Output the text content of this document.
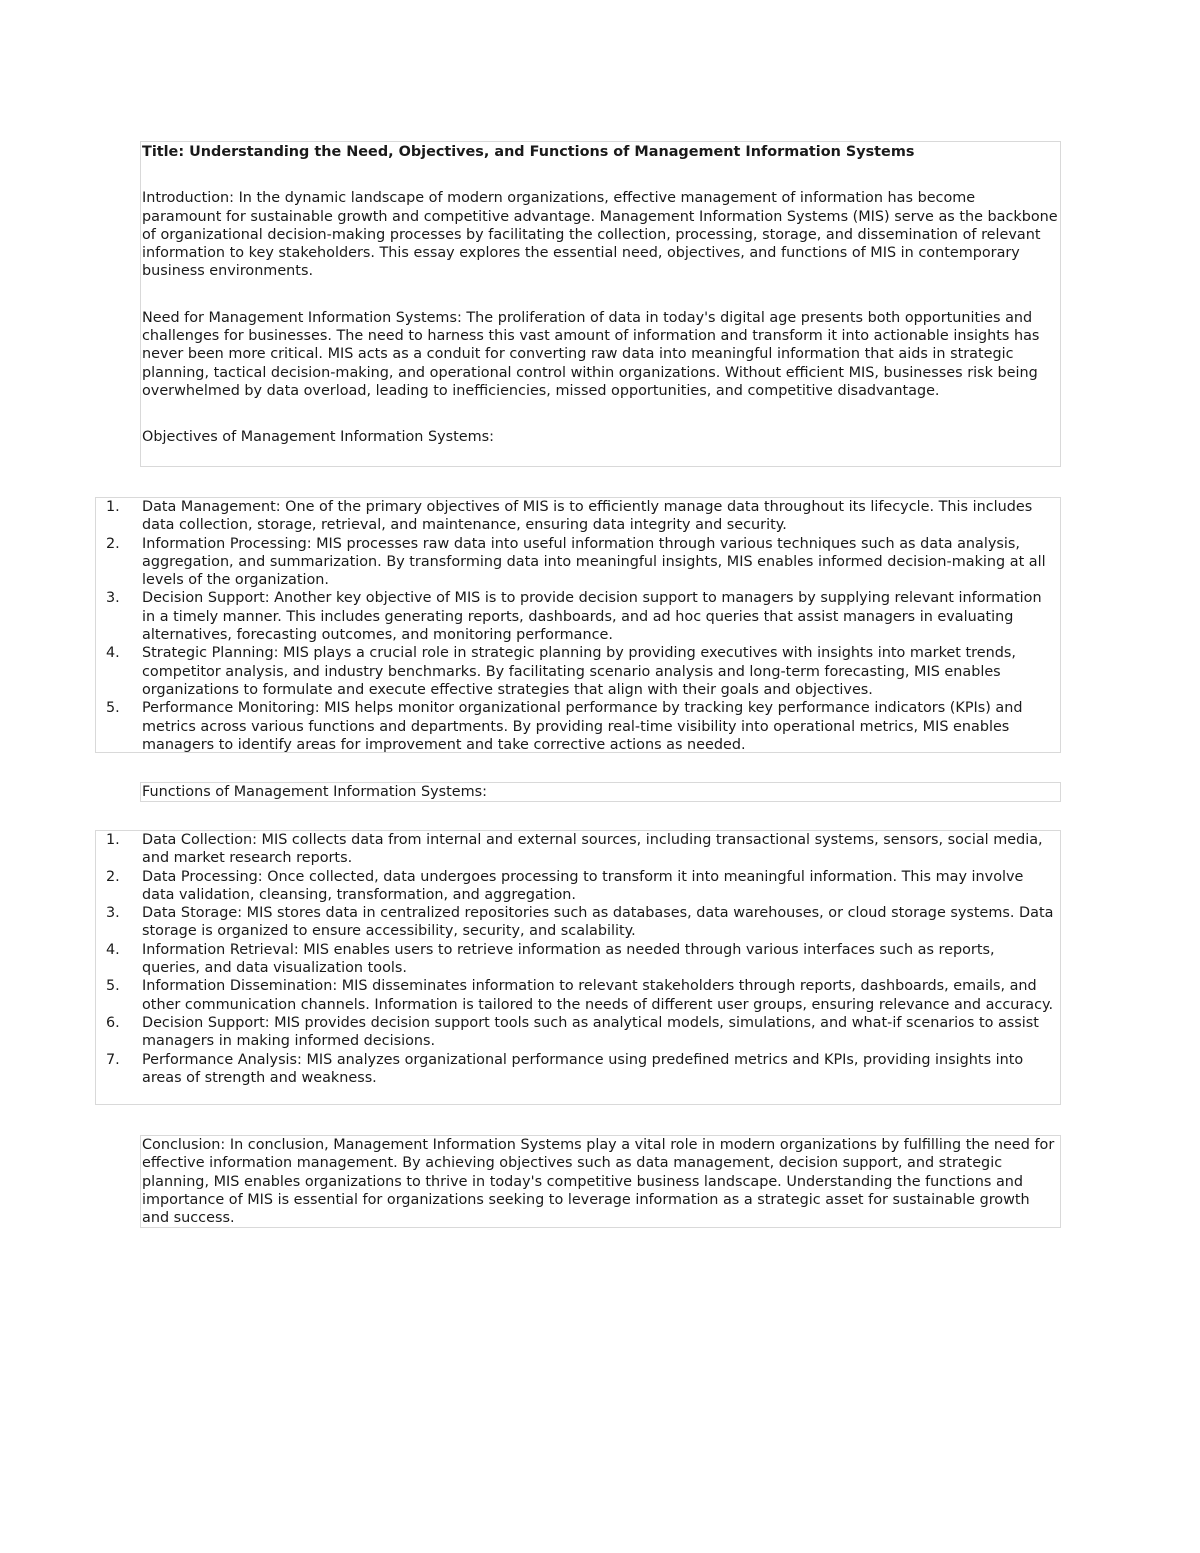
Title: Understanding the Need, Objectives, and Functions of Management Information Systems

Introduction: In the dynamic landscape of modern organizations, effective management of information has become paramount for sustainable growth and competitive advantage. Management Information Systems (MIS) serve as the backbone of organizational decision-making processes by facilitating the collection, processing, storage, and dissemination of relevant information to key stakeholders. This essay explores the essential need, objectives, and functions of MIS in contemporary business environments.

Need for Management Information Systems: The proliferation of data in today's digital age presents both opportunities and challenges for businesses. The need to harness this vast amount of information and transform it into actionable insights has never been more critical. MIS acts as a conduit for converting raw data into meaningful information that aids in strategic planning, tactical decision-making, and operational control within organizations. Without efficient MIS, businesses risk being overwhelmed by data overload, leading to inefficiencies, missed opportunities, and competitive disadvantage.

Objectives of Management Information Systems:

1. Data Management: One of the primary objectives of MIS is to efficiently manage data throughout its lifecycle. This includes data collection, storage, retrieval, and maintenance, ensuring data integrity and security.
2. Information Processing: MIS processes raw data into useful information through various techniques such as data analysis, aggregation, and summarization. By transforming data into meaningful insights, MIS enables informed decision-making at all levels of the organization.
3. Decision Support: Another key objective of MIS is to provide decision support to managers by supplying relevant information in a timely manner. This includes generating reports, dashboards, and ad hoc queries that assist managers in evaluating alternatives, forecasting outcomes, and monitoring performance.
4. Strategic Planning: MIS plays a crucial role in strategic planning by providing executives with insights into market trends, competitor analysis, and industry benchmarks. By facilitating scenario analysis and long-term forecasting, MIS enables organizations to formulate and execute effective strategies that align with their goals and objectives.
5. Performance Monitoring: MIS helps monitor organizational performance by tracking key performance indicators (KPIs) and metrics across various functions and departments. By providing real-time visibility into operational metrics, MIS enables managers to identify areas for improvement and take corrective actions as needed.

Functions of Management Information Systems:

1. Data Collection: MIS collects data from internal and external sources, including transactional systems, sensors, social media, and market research reports.
2. Data Processing: Once collected, data undergoes processing to transform it into meaningful information. This may involve data validation, cleansing, transformation, and aggregation.
3. Data Storage: MIS stores data in centralized repositories such as databases, data warehouses, or cloud storage systems. Data storage is organized to ensure accessibility, security, and scalability.
4. Information Retrieval: MIS enables users to retrieve information as needed through various interfaces such as reports, queries, and data visualization tools.
5. Information Dissemination: MIS disseminates information to relevant stakeholders through reports, dashboards, emails, and other communication channels. Information is tailored to the needs of different user groups, ensuring relevance and accuracy.
6. Decision Support: MIS provides decision support tools such as analytical models, simulations, and what-if scenarios to assist managers in making informed decisions.
7. Performance Analysis: MIS analyzes organizational performance using predefined metrics and KPIs, providing insights into areas of strength and weakness.

Conclusion: In conclusion, Management Information Systems play a vital role in modern organizations by fulfilling the need for effective information management. By achieving objectives such as data management, decision support, and strategic planning, MIS enables organizations to thrive in today's competitive business landscape. Understanding the functions and importance of MIS is essential for organizations seeking to leverage information as a strategic asset for sustainable growth and success.
